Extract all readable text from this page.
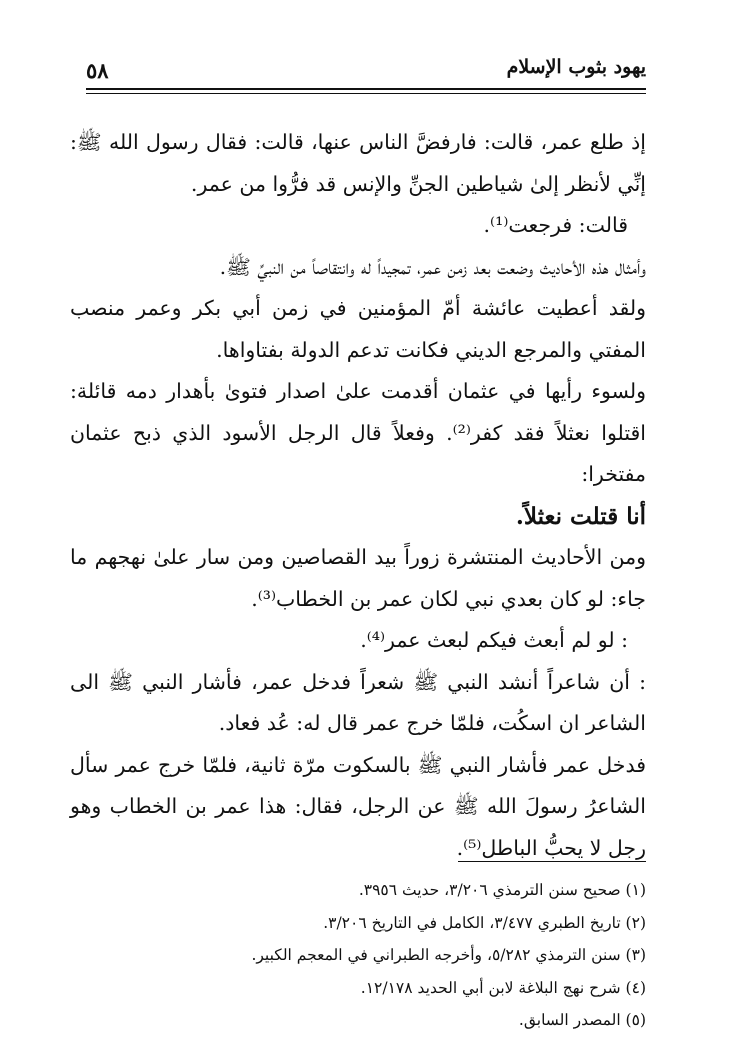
٥٨	يهود بثوب الإسلام

إذ طلع عمر، قالت: فارفضَّ الناس عنها، قالت: فقال رسول الله ﷺ: إنِّي لأنظر إلىٰ شياطين الجنِّ والإنس قد فرُّوا من عمر.

قالت: فرجعت⁽¹⁾.

وأمثال هذه الأحاديث وضعت بعد زمن عمر، تمجيداً له وانتقاصاً من النبيِّ ﷺ.

ولقد أعطيت عائشة أمّ المؤمنين في زمن أبي بكر وعمر منصب المفتي والمرجع الديني فكانت تدعم الدولة بفتاواها.

ولسوء رأيها في عثمان أقدمت علىٰ اصدار فتوىٰ بأهدار دمه قائلة: اقتلوا نعثلاً فقد كفر⁽²⁾. وفعلاً قال الرجل الأسود الذي ذبح عثمان مفتخرا:

أنا قتلت نعثلاً.

ومن الأحاديث المنتشرة زوراً بيد القصاصين ومن سار علىٰ نهجهم ما جاء: لو كان بعدي نبي لكان عمر بن الخطاب⁽³⁾.

: لو لم أبعث فيكم لبعث عمر⁽⁴⁾.

: أن شاعراً أنشد النبي ﷺ شعراً فدخل عمر، فأشار النبي ﷺ الى الشاعر ان اسكُت، فلمّا خرج عمر قال له: عُد فعاد.

فدخل عمر فأشار النبي ﷺ بالسكوت مرّة ثانية، فلمّا خرج عمر سأل الشاعرُ رسولَ الله ﷺ عن الرجل، فقال: هذا عمر بن الخطاب وهو رجل لا يحبُّ الباطل⁽⁵⁾.

(١) صحيح سنن الترمذي ٣/٢٠٦، حديث ٣٩٥٦.

(٢) تاريخ الطبري ٣/٤٧٧، الكامل في التاريخ ٣/٢٠٦.

(٣) سنن الترمذي ٥/٢٨٢، وأخرجه الطبراني في المعجم الكبير.

(٤) شرح نهج البلاغة لابن أبي الحديد ١٢/١٧٨.

(٥) المصدر السابق.
